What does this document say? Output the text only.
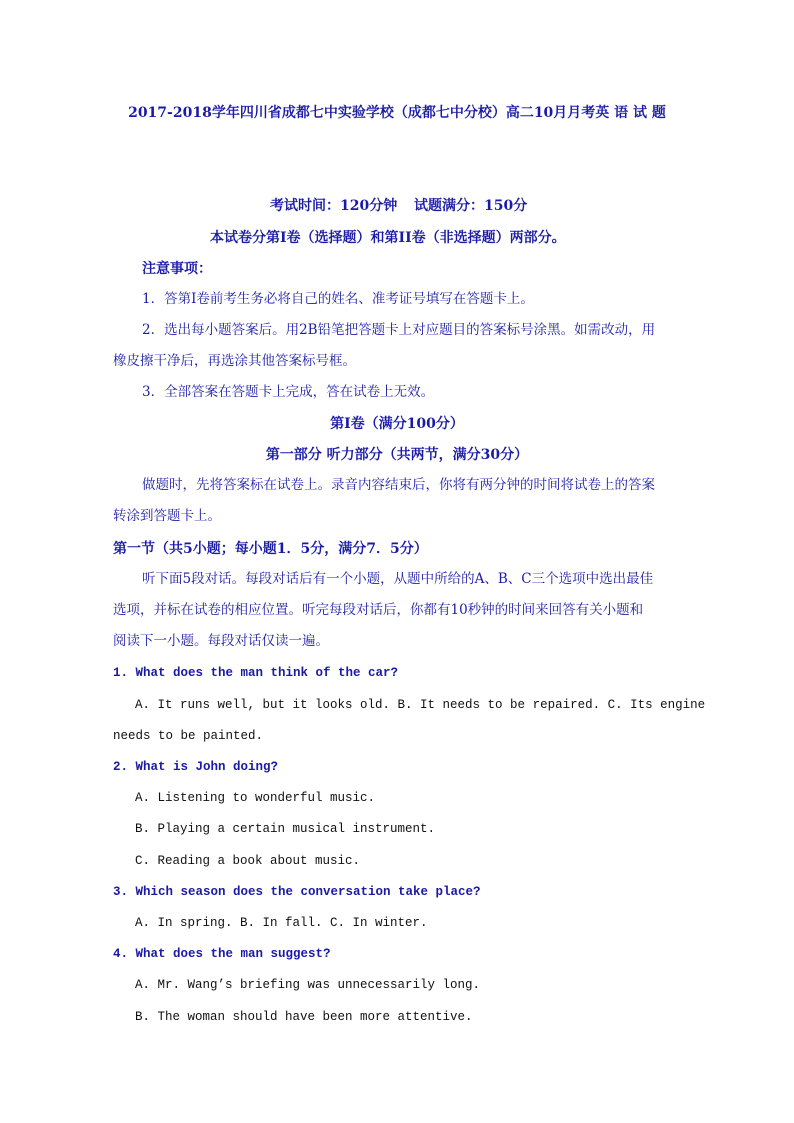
2017-2018学年四川省成都七中实验学校（成都七中分校）高二10月月考英 语 试 题
考试时间：120分钟 试题满分：150分
本试卷分第I卷（选择题）和第II卷（非选择题）两部分。
注意事项：
1．答第I卷前考生务必将自己的姓名、准考证号填写在答题卡上。
2．选出每小题答案后。用2B铅笔把答题卡上对应题目的答案标号涂黑。如需改动，用
橡皮擦干净后，再选涂其他答案标号框。
3．全部答案在答题卡上完成，答在试卷上无效。
第I卷（满分100分）
第一部分 听力部分（共两节，满分30分）
做题时，先将答案标在试卷上。录音内容结束后，你将有两分钟的时间将试卷上的答案
转涂到答题卡上。
第一节（共5小题；每小题1．5分，满分7．5分）
听下面5段对话。每段对话后有一个小题，从题中所给的A、B、C三个选项中选出最佳
选项，并标在试卷的相应位置。听完每段对话后，你都有10秒钟的时间来回答有关小题和
阅读下一小题。每段对话仅读一遍。
1. What does the man think of the car?
A. It runs well, but it looks old. B. It needs to be repaired. C. Its engine
needs to be painted.
2. What is John doing?
A. Listening to wonderful music.
B. Playing a certain musical instrument.
C. Reading a book about music.
3. Which season does the conversation take place?
A. In spring. B. In fall. C. In winter.
4. What does the man suggest?
A. Mr. Wang’s briefing was unnecessarily long.
B. The woman should have been more attentive.
